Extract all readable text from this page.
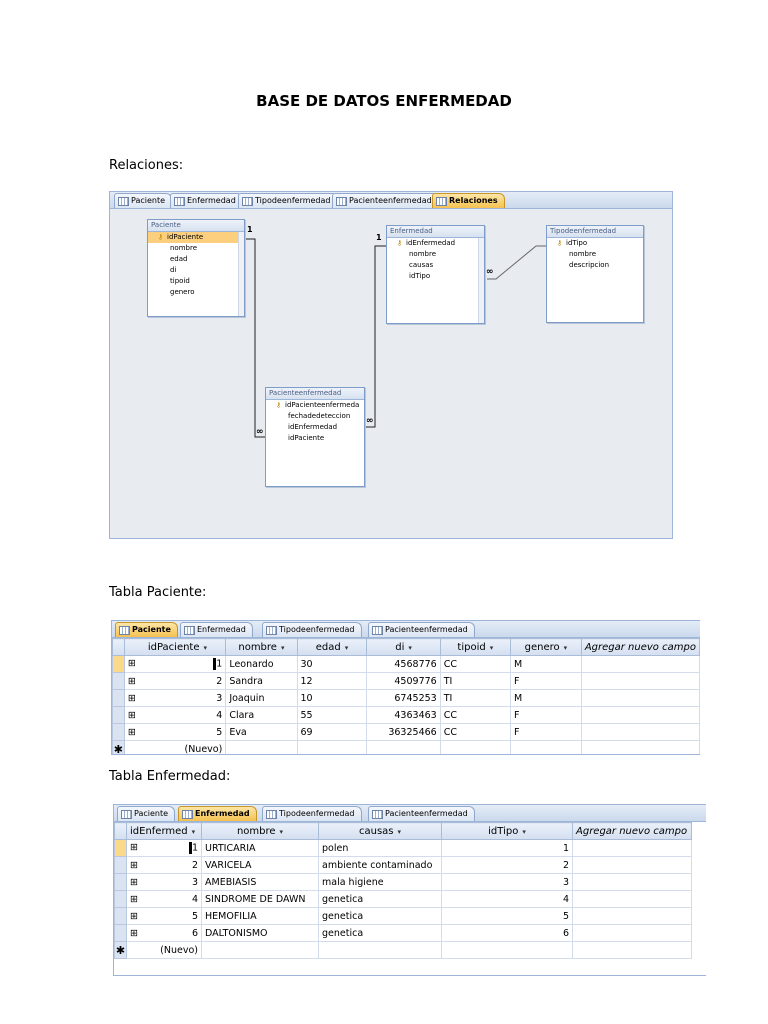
BASE DE DATOS ENFERMEDAD
Relaciones:
Paciente	Enfermedad	Tipodeenfermedad	Pacienteenfermedad	Relaciones
1
∞
1
∞
∞
Paciente
⚷ idPaciente
nombre
edad
di
tipoid
genero
Enfermedad
⚷ idEnfermedad
nombre
causas
idTipo
Tipodeenfermedad
⚷ idTipo
nombre
descripcion
Pacienteenfermedad
⚷ idPacienteenfermeda
fechadedeteccion
idEnfermedad
idPaciente
Tabla Paciente:
Paciente	Enfermedad	Tipodeenfermedad	Pacienteenfermedad
	idPaciente ▾	nombre ▾	edad ▾	di ▾	tipoid ▾	genero ▾	Agregar nuevo campo

	⊞ 1	Leonardo	30	4568776	CC	M	

	⊞ 2	Sandra	12	4509776	TI	F	

	⊞ 3	Joaquin	10	6745253	TI	M	

	⊞ 4	Clara	55	4363463	CC	F	

	⊞ 5	Eva	69	36325466	CC	F	
✱	(Nuevo)						
Tabla Enfermedad:
Paciente	Enfermedad	Tipodeenfermedad	Pacienteenfermedad
	idEnfermed ▾	nombre ▾	causas ▾	idTipo ▾	Agregar nuevo campo

	⊞ 1	URTICARIA	polen	1	

	⊞ 2	VARICELA	ambiente contaminado	2	

	⊞ 3	AMEBIASIS	mala higiene	3	

	⊞ 4	SINDROME DE DAWN	genetica	4	

	⊞ 5	HEMOFILIA	genetica	5	

	⊞ 6	DALTONISMO	genetica	6	
✱	(Nuevo)				
